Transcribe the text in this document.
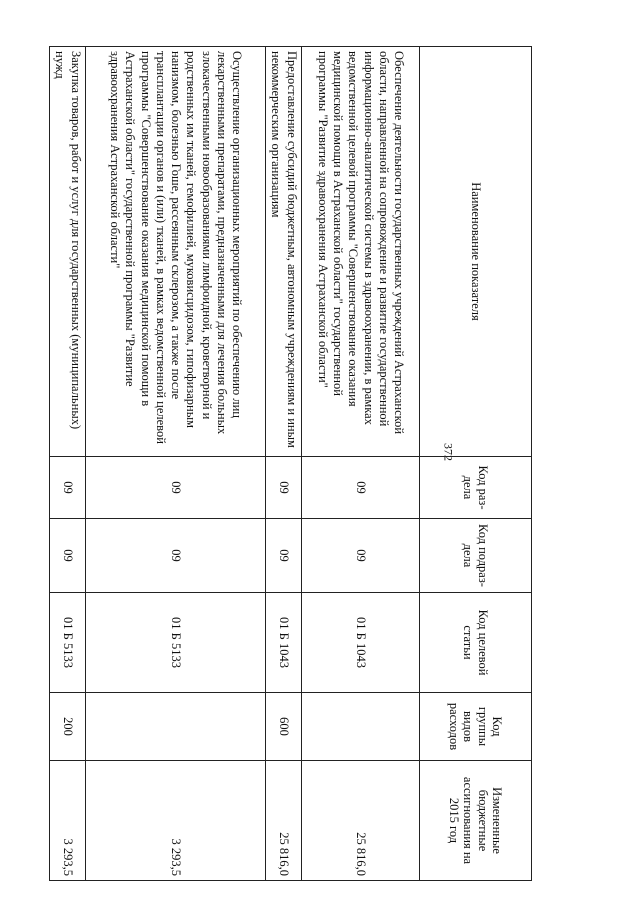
372
Наименование показателя	Код раз- дела	Код подраз- дела	Код целевой статьи	Код группы видов расходов	Измененные бюджетные ассигнования на 2015 год
Обеспечение деятельности государственных учреждений Астраханской области, направленной на сопровождение и развитие государственной информационно-аналитической системы в здравоохранении, в рамках ведомственной целевой программы "Совершенствование оказания медицинской помощи в Астраханской области" государственной программы "Развитие здравоохранения Астраханской области"	09	09	01 Б 1043		25 816,0
Предоставление субсидий бюджетным, автономным учреждениям и иным некоммерческим организациям	09	09	01 Б 1043	600	25 816,0
Осуществление организационных мероприятий по обеспечению лиц лекарственными препаратами, предназначенными для лечения больных злокачественными новообразованиями лимфоидной, кроветворной и родственных им тканей, гемофилией, муковисцидозом, гипофизарным нанизмом, болезнью Гоше, рассеянным склерозом, а также после трансплантации органов и (или) тканей, в рамках ведомственной целевой программы "Совершенствование оказания медицинской помощи в Астраханской области" государственной программы "Развитие здравоохранения Астраханской области"	09	09	01 Б 5133		3 293,5
Закупка товаров, работ и услуг для государственных (муниципальных) нужд	09	09	01 Б 5133	200	3 293,5
